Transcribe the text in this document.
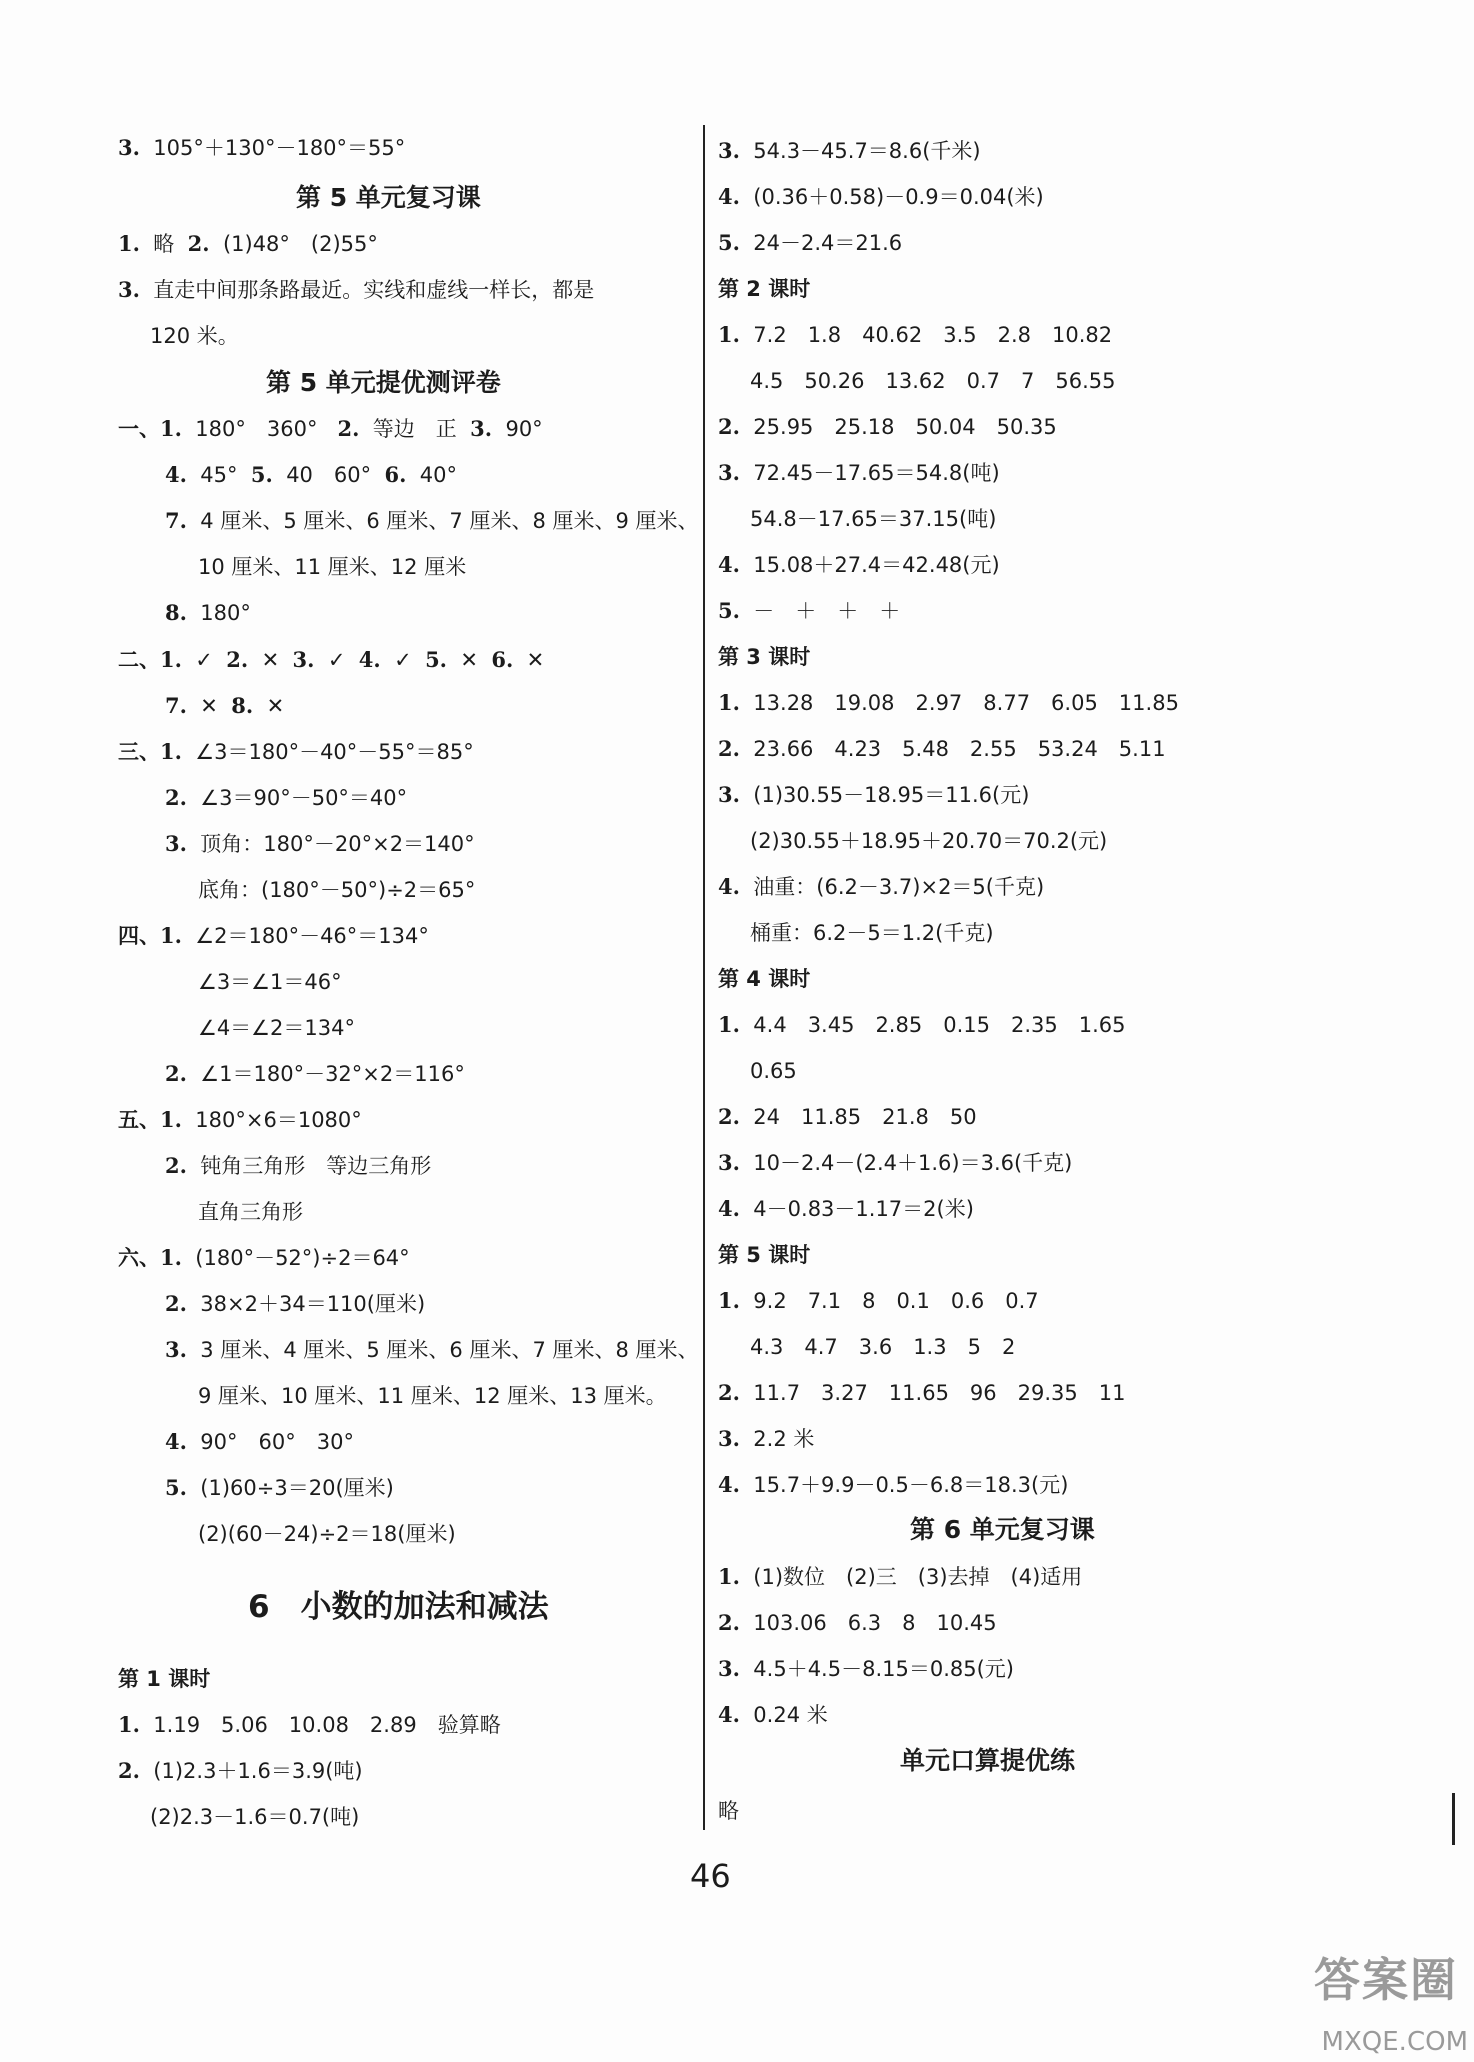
3. 105°＋130°－180°＝55°
第 5 单元复习课
1. 略 2. (1)48°　(2)55°
3. 直走中间那条路最近。实线和虚线一样长，都是
120 米。
第 5 单元提优测评卷
一、1. 180°　360° 2. 等边　正 3. 90°
4. 45° 5. 40　60° 6. 40°
7. 4 厘米、5 厘米、6 厘米、7 厘米、8 厘米、9 厘米、
10 厘米、11 厘米、12 厘米
8. 180°
二、1. ✓ 2. ✕ 3. ✓ 4. ✓ 5. ✕ 6. ✕
7. ✕ 8. ✕
三、1. ∠3＝180°－40°－55°＝85°
2. ∠3＝90°－50°＝40°
3. 顶角：180°－20°×2＝140°
底角：(180°－50°)÷2＝65°
四、1. ∠2＝180°－46°＝134°
∠3＝∠1＝46°
∠4＝∠2＝134°
2. ∠1＝180°－32°×2＝116°
五、1. 180°×6＝1080°
2. 钝角三角形　等边三角形
直角三角形
六、1. (180°－52°)÷2＝64°
2. 38×2＋34＝110(厘米)
3. 3 厘米、4 厘米、5 厘米、6 厘米、7 厘米、8 厘米、
9 厘米、10 厘米、11 厘米、12 厘米、13 厘米。
4. 90°　60°　30°
5. (1)60÷3＝20(厘米)
(2)(60－24)÷2＝18(厘米)
6　小数的加法和减法
第 1 课时
1. 1.19　5.06　10.08　2.89　验算略
2. (1)2.3＋1.6＝3.9(吨)
(2)2.3－1.6＝0.7(吨)
3. 54.3－45.7＝8.6(千米)
4. (0.36＋0.58)－0.9＝0.04(米)
5. 24－2.4＝21.6
第 2 课时
1. 7.2　1.8　40.62　3.5　2.8　10.82
4.5　50.26　13.62　0.7　7　56.55
2. 25.95　25.18　50.04　50.35
3. 72.45－17.65＝54.8(吨)
54.8－17.65＝37.15(吨)
4. 15.08＋27.4＝42.48(元)
5. －　＋　＋　＋
第 3 课时
1. 13.28　19.08　2.97　8.77　6.05　11.85
2. 23.66　4.23　5.48　2.55　53.24　5.11
3. (1)30.55－18.95＝11.6(元)
(2)30.55＋18.95＋20.70＝70.2(元)
4. 油重：(6.2－3.7)×2＝5(千克)
桶重：6.2－5＝1.2(千克)
第 4 课时
1. 4.4　3.45　2.85　0.15　2.35　1.65
0.65
2. 24　11.85　21.8　50
3. 10－2.4－(2.4＋1.6)＝3.6(千克)
4. 4－0.83－1.17＝2(米)
第 5 课时
1. 9.2　7.1　8　0.1　0.6　0.7
4.3　4.7　3.6　1.3　5　2
2. 11.7　3.27　11.65　96　29.35　11
3. 2.2 米
4. 15.7＋9.9－0.5－6.8＝18.3(元)
第 6 单元复习课
1. (1)数位　(2)三　(3)去掉　(4)适用
2. 103.06　6.3　8　10.45
3. 4.5＋4.5－8.15＝0.85(元)
4. 0.24 米
单元口算提优练
略
46
答案圈
MXQE.COM
